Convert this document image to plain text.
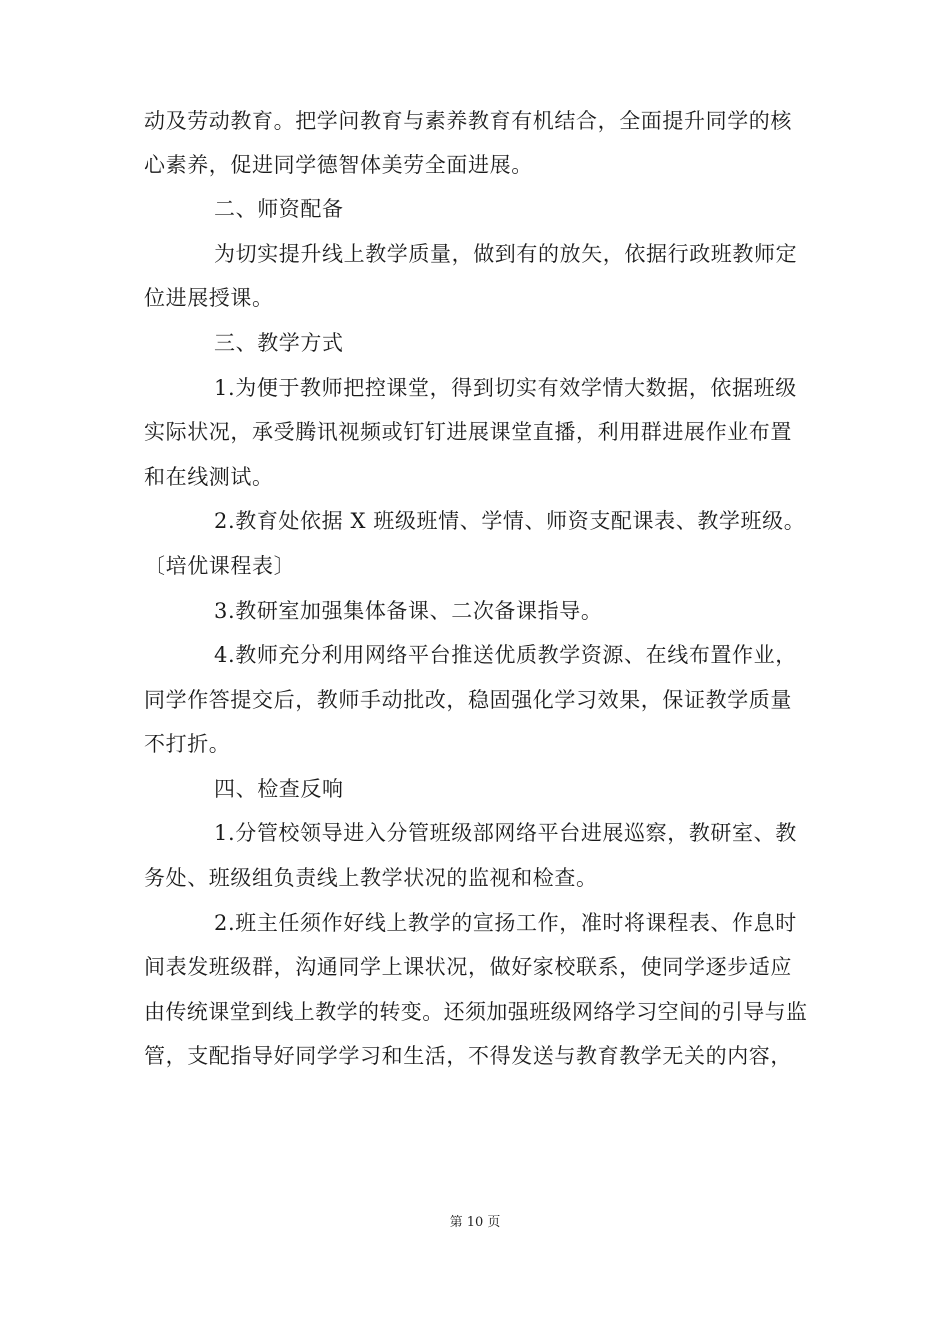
动及劳动教育。把学问教育与素养教育有机结合，全面提升同学的核
心素养，促进同学德智体美劳全面进展。
二、师资配备
为切实提升线上教学质量，做到有的放矢，依据行政班教师定
位进展授课。
三、教学方式
1.为便于教师把控课堂，得到切实有效学情大数据，依据班级
实际状况，承受腾讯视频或钉钉进展课堂直播，利用群进展作业布置
和在线测试。
2.教育处依据 X 班级班情、学情、师资支配课表、教学班级。
〔培优课程表〕
3.教研室加强集体备课、二次备课指导。
4.教师充分利用网络平台推送优质教学资源、在线布置作业，
同学作答提交后，教师手动批改，稳固强化学习效果，保证教学质量
不打折。
四、检查反响
1.分管校领导进入分管班级部网络平台进展巡察，教研室、教
务处、班级组负责线上教学状况的监视和检查。
2.班主任须作好线上教学的宣扬工作，准时将课程表、作息时
间表发班级群，沟通同学上课状况，做好家校联系，使同学逐步适应
由传统课堂到线上教学的转变。还须加强班级网络学习空间的引导与监
管，支配指导好同学学习和生活，不得发送与教育教学无关的内容，
第 10 页
